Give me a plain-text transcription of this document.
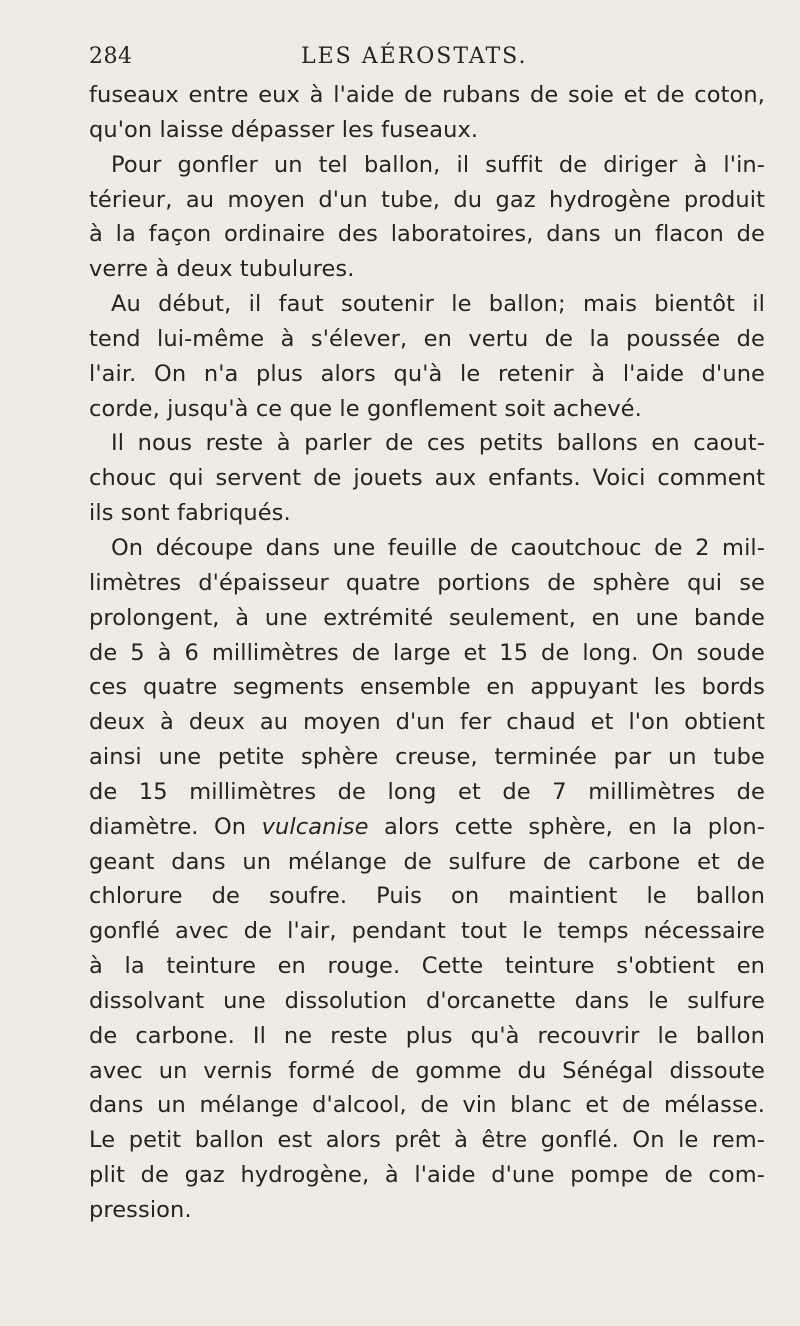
284	LES AÉROSTATS.
fuseaux entre eux à l'aide de rubans de soie et de coton,
qu'on laisse dépasser les fuseaux.
Pour gonfler un tel ballon, il suffit de diriger à l'in-
térieur, au moyen d'un tube, du gaz hydrogène produit
à la façon ordinaire des laboratoires, dans un flacon de
verre à deux tubulures.
Au début, il faut soutenir le ballon; mais bientôt il
tend lui-même à s'élever, en vertu de la poussée de
l'air. On n'a plus alors qu'à le retenir à l'aide d'une
corde, jusqu'à ce que le gonflement soit achevé.
Il nous reste à parler de ces petits ballons en caout-
chouc qui servent de jouets aux enfants. Voici comment
ils sont fabriqués.
On découpe dans une feuille de caoutchouc de 2 mil-
limètres d'épaisseur quatre portions de sphère qui se
prolongent, à une extrémité seulement, en une bande
de 5 à 6 millimètres de large et 15 de long. On soude
ces quatre segments ensemble en appuyant les bords
deux à deux au moyen d'un fer chaud et l'on obtient
ainsi une petite sphère creuse, terminée par un tube
de 15 millimètres de long et de 7 millimètres de
diamètre. On vulcanise alors cette sphère, en la plon-
geant dans un mélange de sulfure de carbone et de
chlorure de soufre. Puis on maintient le ballon
gonflé avec de l'air, pendant tout le temps nécessaire
à la teinture en rouge. Cette teinture s'obtient en
dissolvant une dissolution d'orcanette dans le sulfure
de carbone. Il ne reste plus qu'à recouvrir le ballon
avec un vernis formé de gomme du Sénégal dissoute
dans un mélange d'alcool, de vin blanc et de mélasse.
Le petit ballon est alors prêt à être gonflé. On le rem-
plit de gaz hydrogène, à l'aide d'une pompe de com-
pression.
